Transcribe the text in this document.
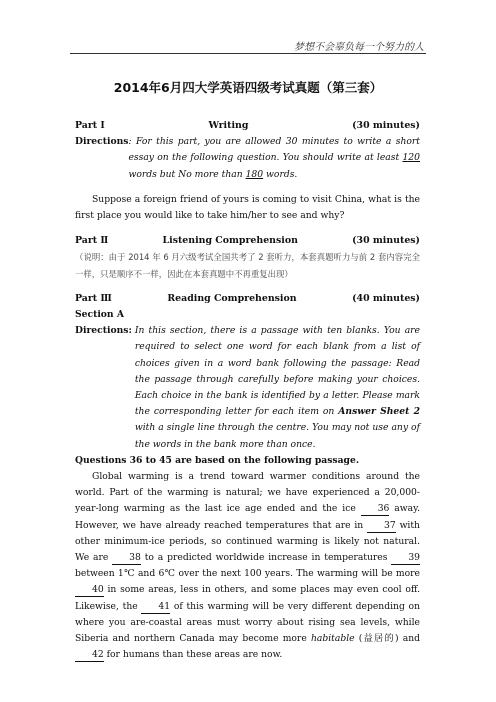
梦想不会辜负每一个努力的人
2014年6月四大学英语四级考试真题（第三套）
Part I	Writing	(30 minutes)
Directions : For this part, you are allowed 30 minutes to write a short essay on the following question. You should write at least 120 words but No more than 180 words.
Suppose a foreign friend of yours is coming to visit China, what is the first place you would like to take him/her to see and why?
Part Ⅱ	Listening Comprehension	(30 minutes)
（说明：由于 2014 年 6 月六级考试全国共考了 2 套听力，本套真题听力与前 2 套内容完全一样，只是顺序不一样，因此在本套真题中不再重复出现）
Part Ⅲ	Reading Comprehension	(40 minutes)
Section A
Directions: In this section, there is a passage with ten blanks. You are required to select one word for each blank from a list of choices given in a word bank following the passage: Read the passage through carefully before making your choices. Each choice in the bank is identified by a letter. Please mark the corresponding letter for each item on Answer Sheet 2 with a single line through the centre. You may not use any of the words in the bank more than once.
Questions 36 to 45 are based on the following passage.
Global warming is a trend toward warmer conditions around the world. Part of the warming is natural; we have experienced a 20,000-year-long warming as the last ice age ended and the ice 36 away. However, we have already reached temperatures that are in 37 with other minimum-ice periods, so continued warming is likely not natural. We are 38 to a predicted worldwide increase in temperatures 39 between 1℃ and 6℃ over the next 100 years. The warming will be more 40 in some areas, less in others, and some places may even cool off. Likewise, the 41 of this warming will be very different depending on where you are-coastal areas must worry about rising sea levels, while Siberia and northern Canada may become more habitable (益居的) and 42 for humans than these areas are now.
